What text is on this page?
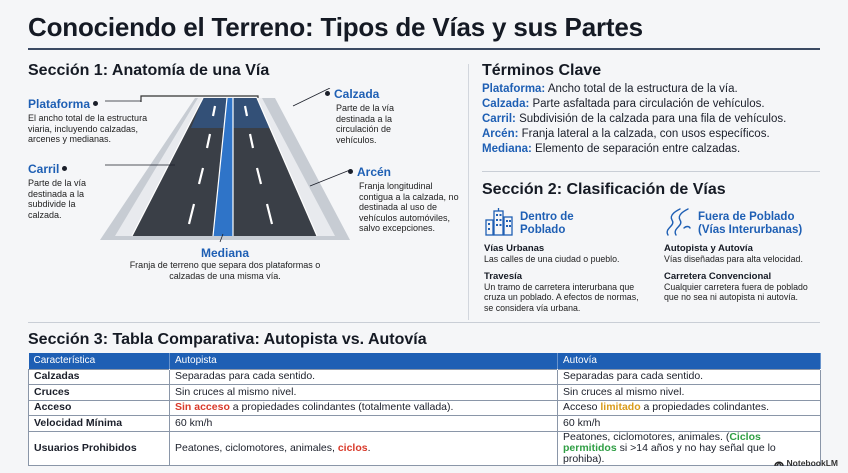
Conociendo el Terreno: Tipos de Vías y sus Partes
Sección 1: Anatomía de una Vía
Plataforma
El ancho total de la estructura viaria, incluyendo calzadas, arcenes y medianas.
Carril
Parte de la vía destinada a la subdivide la calzada.
Calzada
Parte de la vía destinada a la circulación de vehículos.
Arcén
Franja longitudinal contigua a la calzada, no destinada al uso de vehículos automóviles, salvo excepciones.
Mediana
Franja de terreno que separa dos plataformas o calzadas de una misma vía.
Términos Clave
Plataforma: Ancho total de la estructura de la vía.
Calzada: Parte asfaltada para circulación de vehículos.
Carril: Subdivisión de la calzada para una fila de vehículos.
Arcén: Franja lateral a la calzada, con usos específicos.
Mediana: Elemento de separación entre calzadas.
Sección 2: Clasificación de Vías
Dentro de
Poblado
Vías Urbanas
Las calles de una ciudad o pueblo.
Travesía
Un tramo de carretera interurbana que
cruza un poblado. A efectos de normas,
se considera vía urbana.
Fuera de Poblado
(Vías Interurbanas)
Autopista y Autovía
Vías diseñadas para alta velocidad.
Carretera Convencional
Cualquier carretera fuera de poblado
que no sea ni autopista ni autovía.
Sección 3: Tabla Comparativa: Autopista vs. Autovía
Característica	Autopista	Autovía
Calzadas	Separadas para cada sentido.	Separadas para cada sentido.
Cruces	Sin cruces al mismo nivel.	Sin cruces al mismo nivel.
Acceso	Sin acceso a propiedades colindantes (totalmente vallada).	Acceso limitado a propiedades colindantes.
Velocidad Mínima	60 km/h	60 km/h
Usuarios Prohibidos	Peatones, ciclomotores, animales, ciclos.	Peatones, ciclomotores, animales. (Ciclos permitidos si >14 años y no hay señal que lo prohiba).	NotebookLM
